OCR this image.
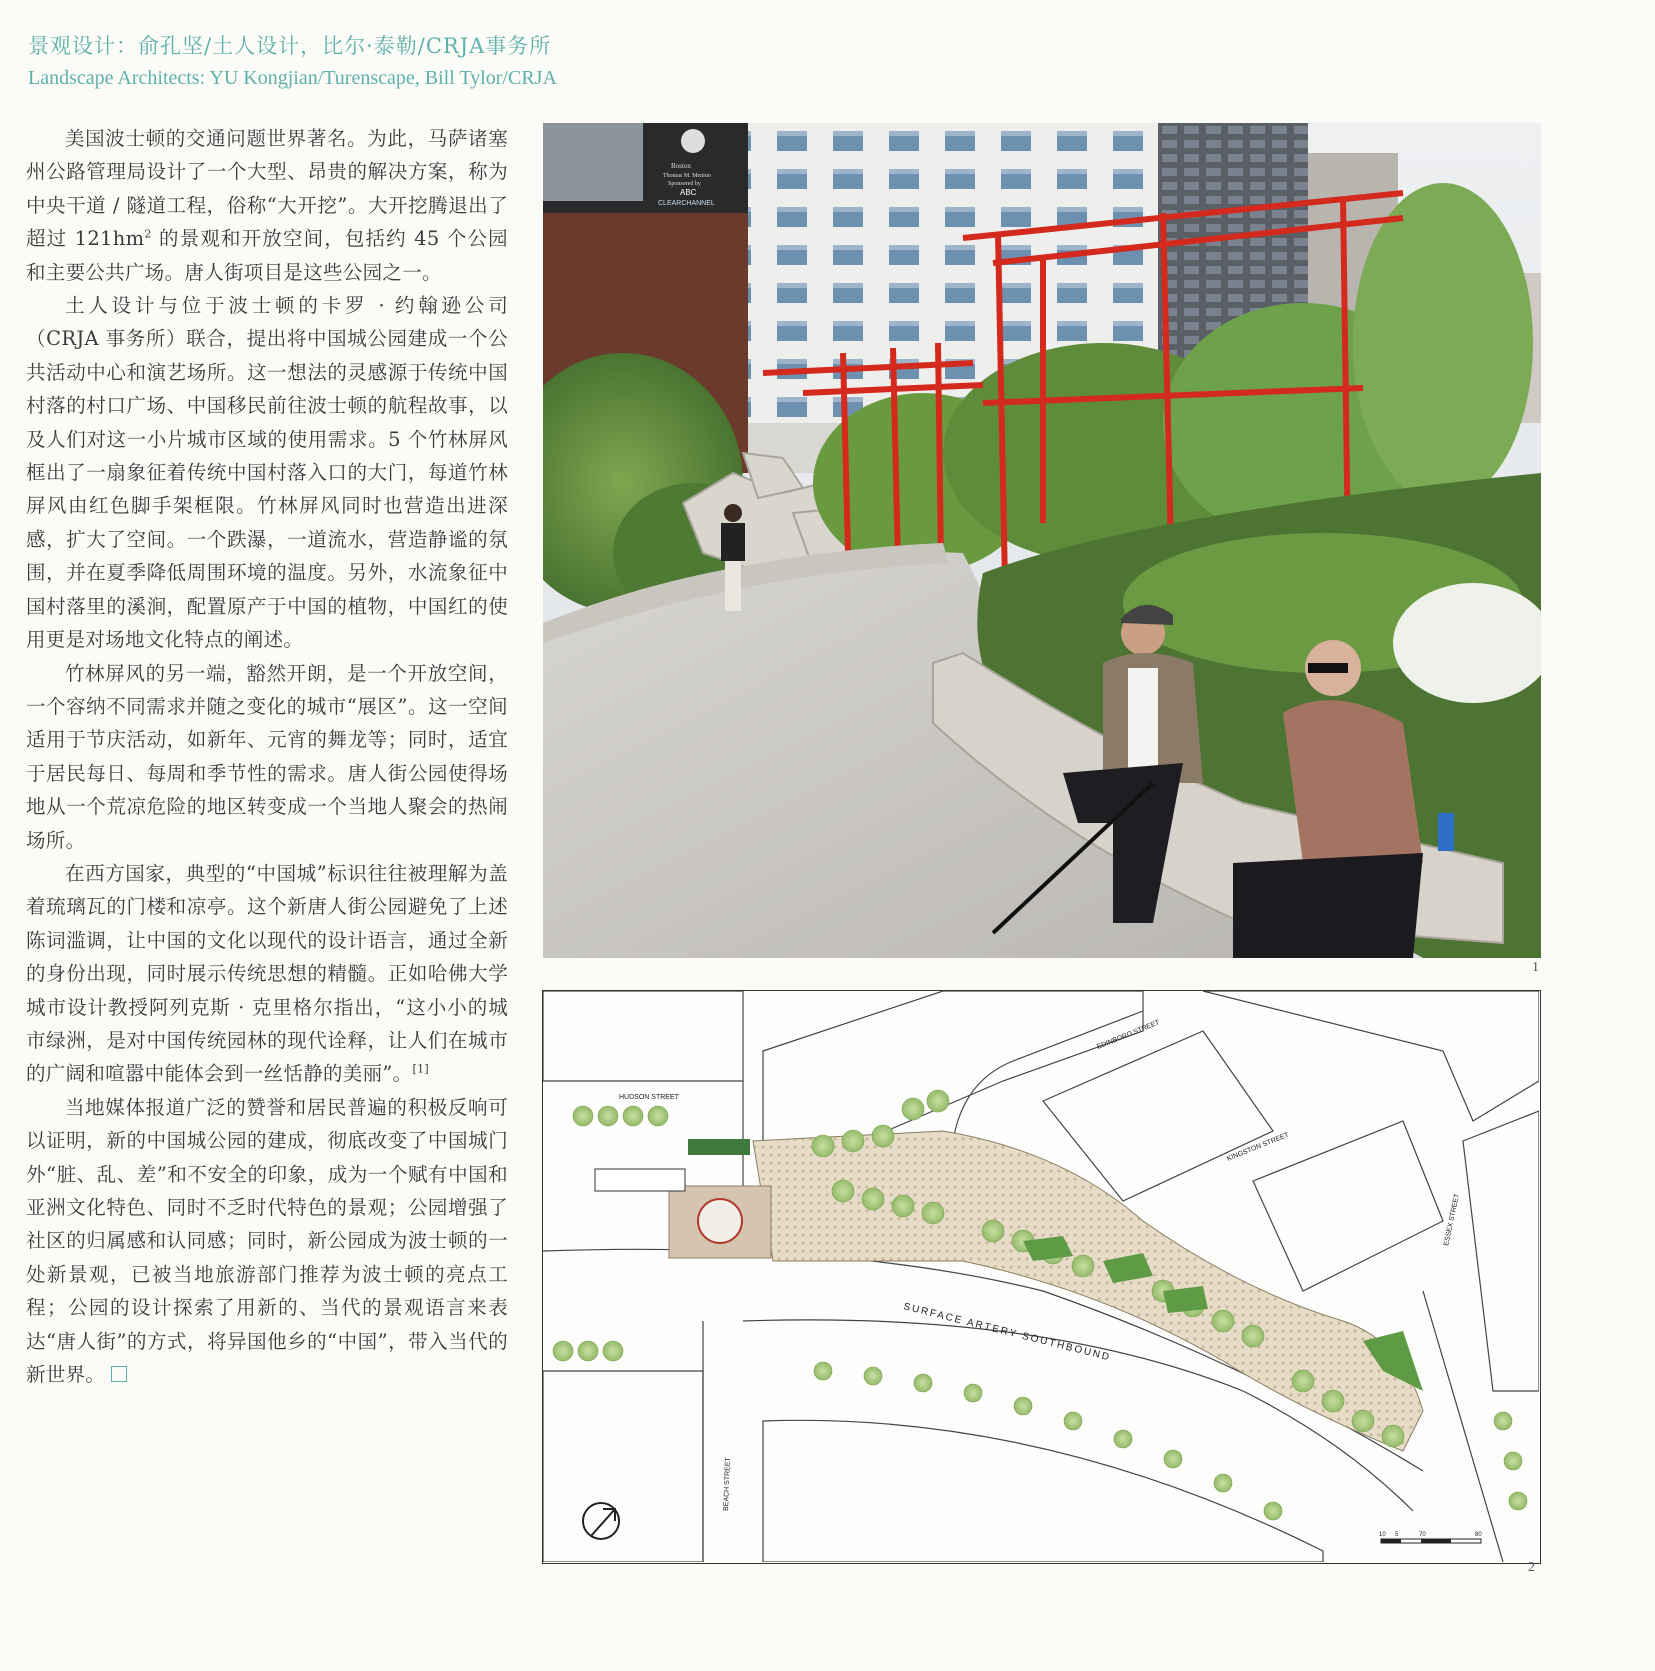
景观设计：俞孔坚/土人设计，比尔·泰勒/CRJA事务所
Landscape Architects: YU Kongjian/Turenscape, Bill Tylor/CRJA

美国波士顿的交通问题世界著名。为此，马萨诸塞州公路管理局设计了一个大型、昂贵的解决方案，称为中央干道 / 隧道工程，俗称“大开挖”。大开挖腾退出了超过 $121hm^2$ 的景观和开放空间，包括约 45 个公园和主要公共广场。唐人街项目是这些公园之一。

土人设计与位于波士顿的卡罗 · 约翰逊公司（CRJA 事务所）联合，提出将中国城公园建成一个公共活动中心和演艺场所。这一想法的灵感源于传统中国村落的村口广场、中国移民前往波士顿的航程故事，以及人们对这一小片城市区域的使用需求。5 个竹林屏风框出了一扇象征着传统中国村落入口的大门，每道竹林屏风由红色脚手架框限。竹林屏风同时也营造出进深感，扩大了空间。一个跌瀑，一道流水，营造静谧的氛围，并在夏季降低周围环境的温度。另外，水流象征中国村落里的溪涧，配置原产于中国的植物，中国红的使用更是对场地文化特点的阐述。

竹林屏风的另一端，豁然开朗，是一个开放空间，一个容纳不同需求并随之变化的城市“展区”。这一空间适用于节庆活动，如新年、元宵的舞龙等；同时，适宜于居民每日、每周和季节性的需求。唐人街公园使得场地从一个荒凉危险的地区转变成一个当地人聚会的热闹场所。

在西方国家，典型的“中国城”标识往往被理解为盖着琉璃瓦的门楼和凉亭。这个新唐人街公园避免了上述陈词滥调，让中国的文化以现代的设计语言，通过全新的身份出现，同时展示传统思想的精髓。正如哈佛大学城市设计教授阿列克斯 · 克里格尔指出，“这小小的城市绿洲，是对中国传统园林的现代诠释，让人们在城市的广阔和喧嚣中能体会到一丝恬静的美丽”。[1]

当地媒体报道广泛的赞誉和居民普遍的积极反响可以证明，新的中国城公园的建成，彻底改变了中国城门外“脏、乱、差”和不安全的印象，成为一个赋有中国和亚洲文化特色、同时不乏时代特色的景观；公园增强了社区的归属感和认同感；同时，新公园成为波士顿的一处新景观，已被当地旅游部门推荐为波士顿的亮点工程；公园的设计探索了用新的、当代的景观语言来表达“唐人街”的方式，将异国他乡的“中国”，带入当代的新世界。

Boston
Thomas M. Menino
Sponsored by
ABC
CLEARCHANNEL
1
HUDSON STREET
EDINBORO STREET
KINGSTON STREET
ESSEX STREET
BEACH STREET
SURFACE ARTERY SOUTHBOUND
10 5	70	80
2
